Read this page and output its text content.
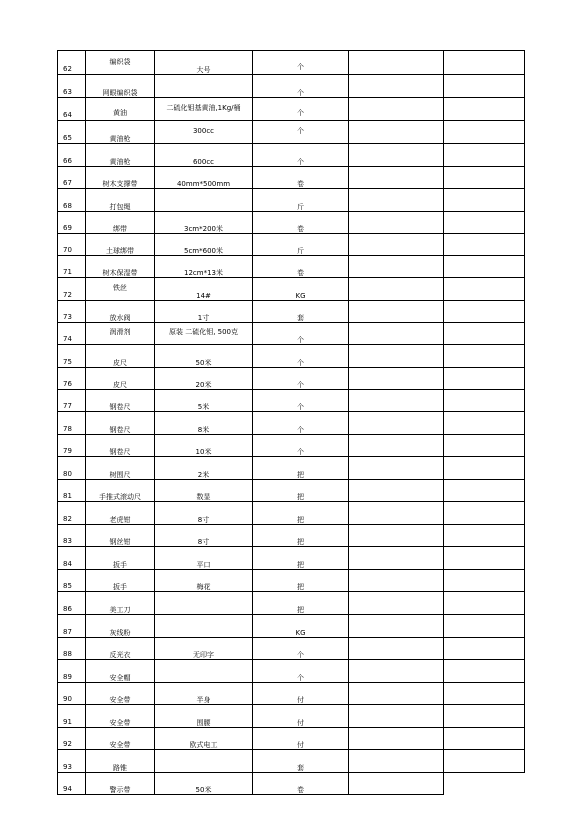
62	编织袋	大号	个		

63	网眼编织袋		个		

64	黄油	二硫化钼基黄油,1Kg/桶	个		

65	黄油枪	300cc	个		

66	黄油枪	600cc	个		

67	树木支撑带	40mm*500mm	卷		

68	打包绳		斤		

69	绑带	3cm*200米	卷		

70	土球绑带	5cm*600米	斤		

71	树木保湿带	12cm*13米	卷		

72	铁丝	14#	KG		

73	放水阀	1寸	套		

74	润滑剂	原装 二硫化钼, 500克	个		

75	皮尺	50米	个		

76	皮尺	20米	个		

77	钢卷尺	5米	个		

78	钢卷尺	8米	个		

79	钢卷尺	10米	个		

80	树围尺	2米	把		

81	手推式滚动尺	数显	把		

82	老虎钳	8寸	把		

83	钢丝钳	8寸	把		

84	扳手	平口	把		

85	扳手	梅花	把		

86	美工刀		把		

87	灰线粉		KG		

88	反光衣	无印字	个		

89	安全帽		个		

90	安全带	半身	付		

91	安全带	围腰	付		

92	安全带	欧式电工	付		

93	路锥		套		

94	警示带	50米	卷		
